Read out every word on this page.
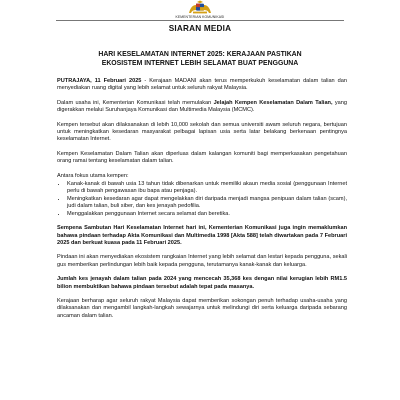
KEMENTERIAN KOMUNIKASI
SIARAN MEDIA
HARI KESELAMATAN INTERNET 2025: KERAJAAN PASTIKAN
EKOSISTEM INTERNET LEBIH SELAMAT BUAT PENGGUNA

PUTRAJAYA, 11 Februari 2025 - Kerajaan MADANI akan terus memperkukuh keselamatan dalam talian dan menyediakan ruang digital yang lebih selamat untuk seluruh rakyat Malaysia.

Dalam usaha ini, Kementerian Komunikasi telah memulakan Jelajah Kempen Keselamatan Dalam Talian, yang digerakkan melalui Suruhanjaya Komunikasi dan Multimedia Malaysia (MCMC).

Kempen tersebut akan dilaksanakan di lebih 10,000 sekolah dan semua universiti awam seluruh negara, bertujuan untuk meningkatkan kesedaran masyarakat pelbagai lapisan usia serta latar belakang berkenaan pentingnya keselamatan Internet.

Kempen Keselamatan Dalam Talian akan diperluas dalam kalangan komuniti bagi memperkasakan pengetahuan orang ramai tentang keselamatan dalam talian.

Antara fokus utama kempen:
• Kanak-kanak di bawah usia 13 tahun tidak dibenarkan untuk memiliki akaun media sosial (penggunaan Internet perlu di bawah pengawasan ibu bapa atau penjaga).
• Meningkatkan kesedaran agar dapat mengelakkan diri daripada menjadi mangsa penipuan dalam talian (scam), judi dalam talian, buli siber, dan kes jenayah pedofilia.
• Menggalakkan penggunaan Internet secara selamat dan beretika.

Sempena Sambutan Hari Keselamatan Internet hari ini, Kementerian Komunikasi juga ingin memaklumkan bahawa pindaan terhadap Akta Komunikasi dan Multimedia 1998 [Akta 588] telah diwartakan pada 7 Februari 2025 dan berkuat kuasa pada 11 Februari 2025.

Pindaan ini akan menyediakan ekosistem rangkaian Internet yang lebih selamat dan lestari kepada pengguna, sekali gus memberikan perlindungan lebih baik kepada pengguna, terutamanya kanak-kanak dan keluarga.

Jumlah kes jenayah dalam talian pada 2024 yang mencecah 35,368 kes dengan nilai kerugian lebih RM1.5 bilion membuktikan bahawa pindaan tersebut adalah tepat pada masanya.

Kerajaan berharap agar seluruh rakyat Malaysia dapat memberikan sokongan penuh terhadap usaha-usaha yang dilaksanakan dan mengambil langkah-langkah sewajarnya untuk melindungi diri serta keluarga daripada sebarang ancaman dalam talian.
